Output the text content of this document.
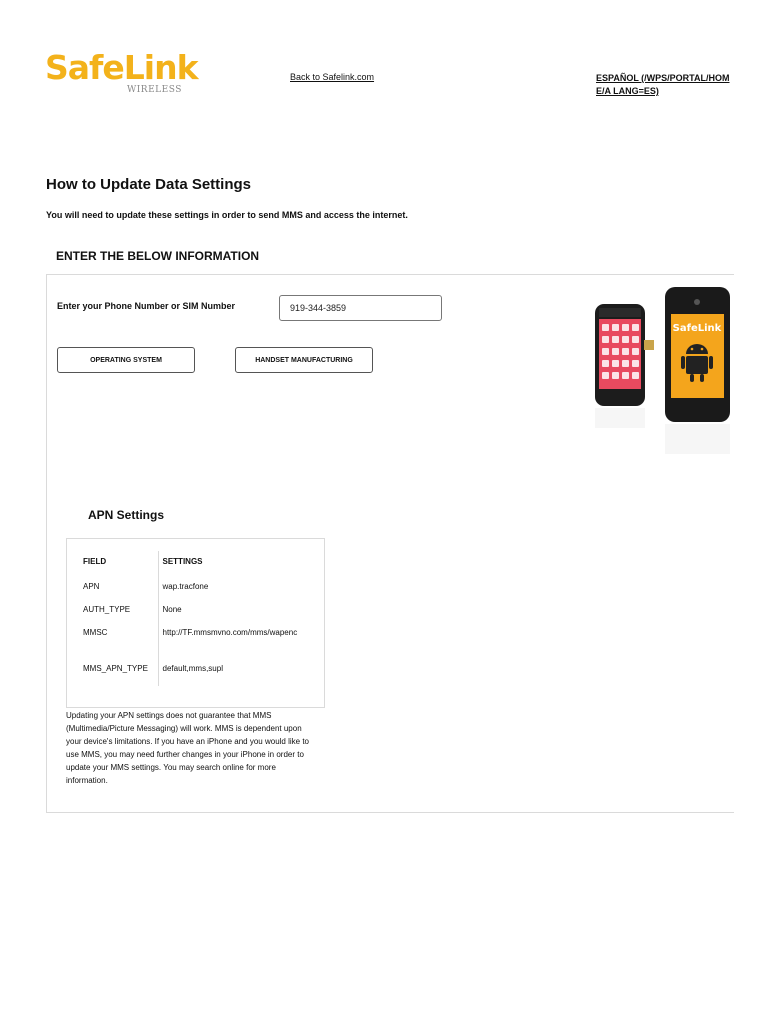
SafeLink
WIRELESS
Back to Safelink.com	ESPAÑOL (/WPS/PORTAL/HOME/A LANG=ES)
How to Update Data Settings
You will need to update these settings in order to send MMS and access the internet.
ENTER THE BELOW INFORMATION
Enter your Phone Number or SIM Number
919-344-3859
OPERATING SYSTEM	HANDSET MANUFACTURING
SafeLink
APN Settings
FIELD	SETTINGS
APN	wap.tracfone
AUTH_TYPE	None
MMSC	http://TF.mmsmvno.com/mms/wapenc
MMS_APN_TYPE	default,mms,supl
Updating your APN settings does not guarantee that MMS (Multimedia/Picture Messaging) will work. MMS is dependent upon your device's limitations. If you have an iPhone and you would like to use MMS, you may need further changes in your iPhone in order to update your MMS settings. You may search online for more information.
